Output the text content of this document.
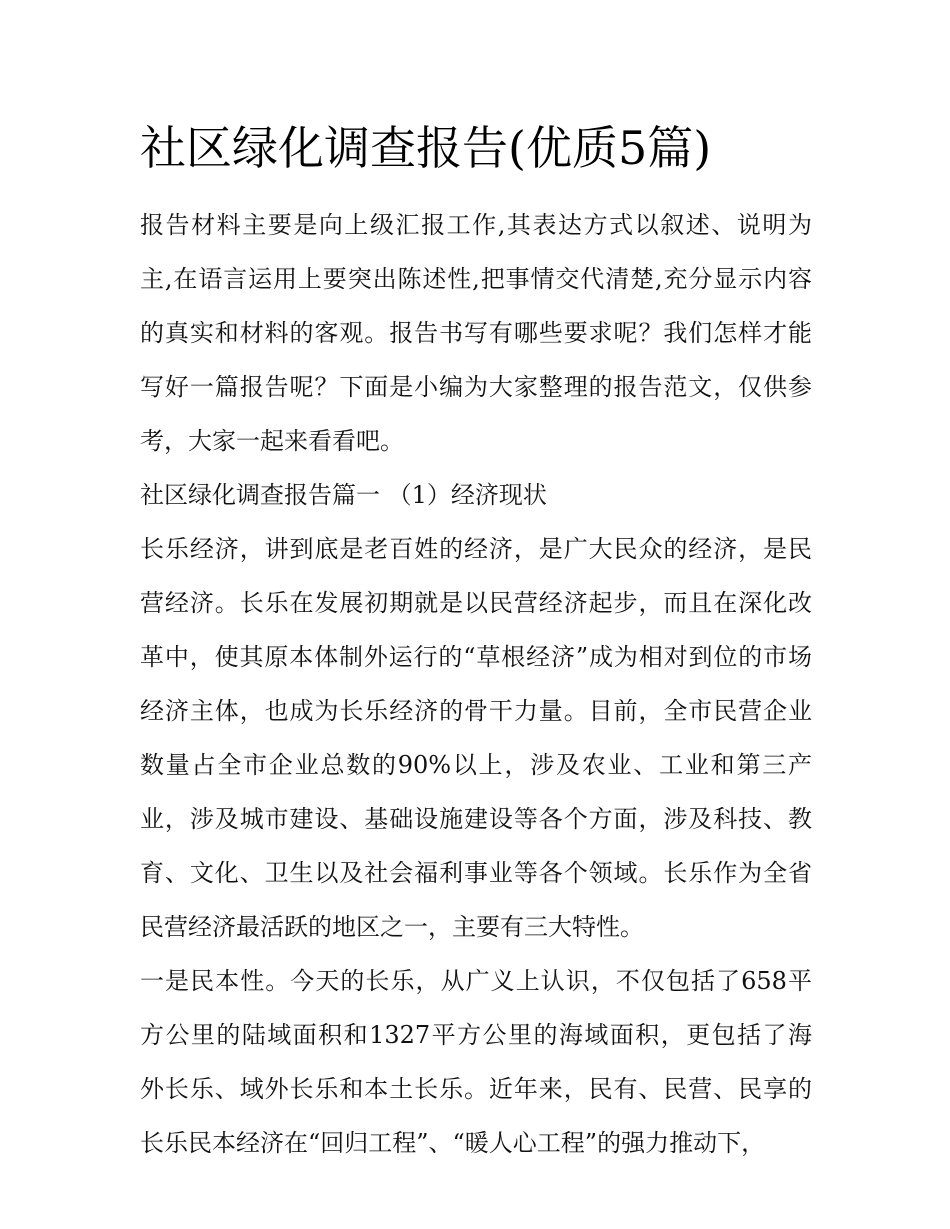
社区绿化调查报告(优质5篇)
报告材料主要是向上级汇报工作,其表达方式以叙述、说明为
主,在语言运用上要突出陈述性,把事情交代清楚,充分显示内容
的真实和材料的客观。报告书写有哪些要求呢？我们怎样才能
写好一篇报告呢？下面是小编为大家整理的报告范文，仅供参
考，大家一起来看看吧。
社区绿化调查报告篇一 （1）经济现状
长乐经济，讲到底是老百姓的经济，是广大民众的经济，是民
营经济。长乐在发展初期就是以民营经济起步，而且在深化改
革中，使其原本体制外运行的“草根经济”成为相对到位的市场
经济主体，也成为长乐经济的骨干力量。目前，全市民营企业
数量占全市企业总数的90%以上，涉及农业、工业和第三产
业，涉及城市建设、基础设施建设等各个方面，涉及科技、教
育、文化、卫生以及社会福利事业等各个领域。长乐作为全省
民营经济最活跃的地区之一，主要有三大特性。
一是民本性。今天的长乐，从广义上认识，不仅包括了658平
方公里的陆域面积和1327平方公里的海域面积，更包括了海
外长乐、域外长乐和本土长乐。近年来，民有、民营、民享的
长乐民本经济在“回归工程”、“暖人心工程”的强力推动下，
